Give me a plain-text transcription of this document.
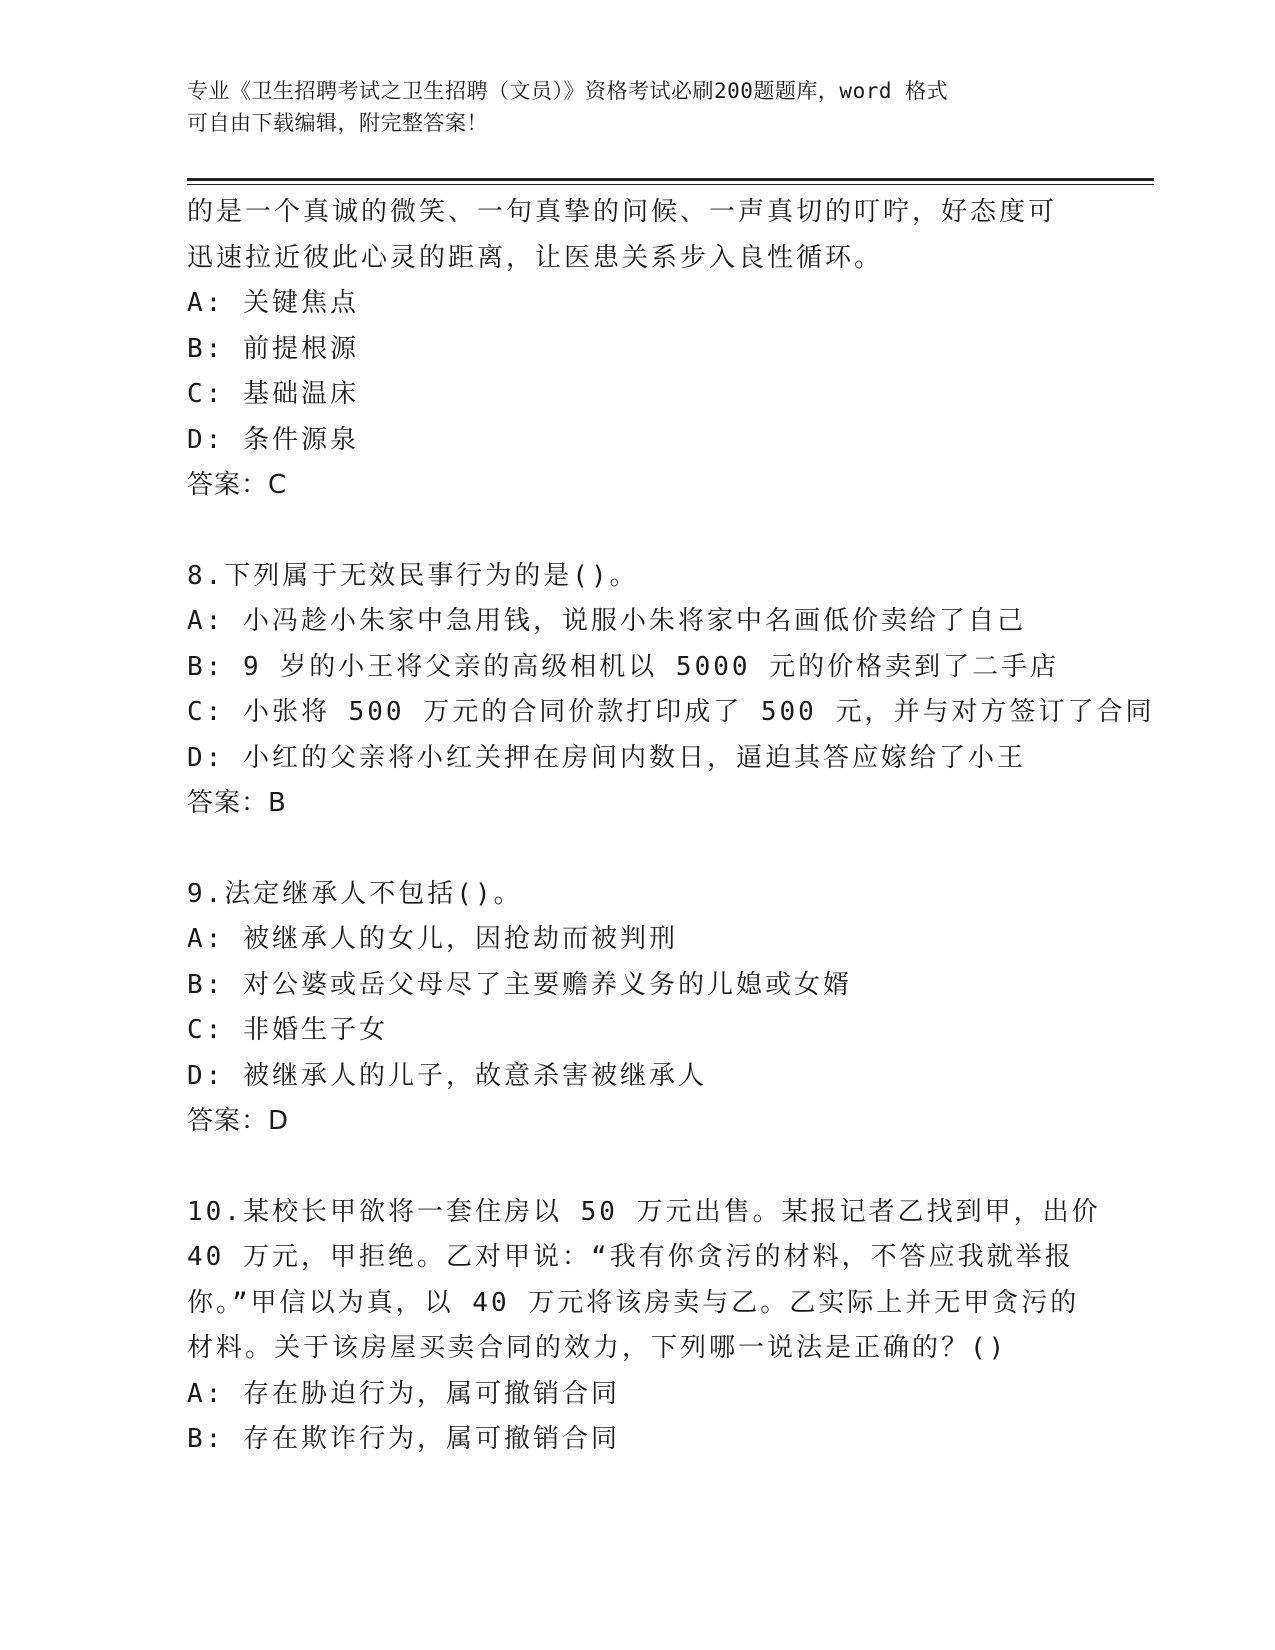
专业《卫生招聘考试之卫生招聘（文员）》资格考试必刷200题题库，word 格式
可自由下载编辑，附完整答案！
的是一个真诚的微笑、一句真挚的问候、一声真切的叮咛，好态度可
迅速拉近彼此心灵的距离，让医患关系步入良性循环。
A: 关键焦点
B: 前提根源
C: 基础温床
D: 条件源泉
答案：C
8.下列属于无效民事行为的是()。
A: 小冯趁小朱家中急用钱，说服小朱将家中名画低价卖给了自己
B: 9 岁的小王将父亲的高级相机以 5000 元的价格卖到了二手店
C: 小张将 500 万元的合同价款打印成了 500 元，并与对方签订了合同
D: 小红的父亲将小红关押在房间内数日，逼迫其答应嫁给了小王
答案：B
9.法定继承人不包括()。
A: 被继承人的女儿，因抢劫而被判刑
B: 对公婆或岳父母尽了主要赡养义务的儿媳或女婿
C: 非婚生子女
D: 被继承人的儿子，故意杀害被继承人
答案：D
10.某校长甲欲将一套住房以 50 万元出售。某报记者乙找到甲，出价
40 万元，甲拒绝。乙对甲说：“我有你贪污的材料，不答应我就举报
你。”甲信以为真，以 40 万元将该房卖与乙。乙实际上并无甲贪污的
材料。关于该房屋买卖合同的效力，下列哪一说法是正确的？()
A: 存在胁迫行为，属可撤销合同
B: 存在欺诈行为，属可撤销合同
